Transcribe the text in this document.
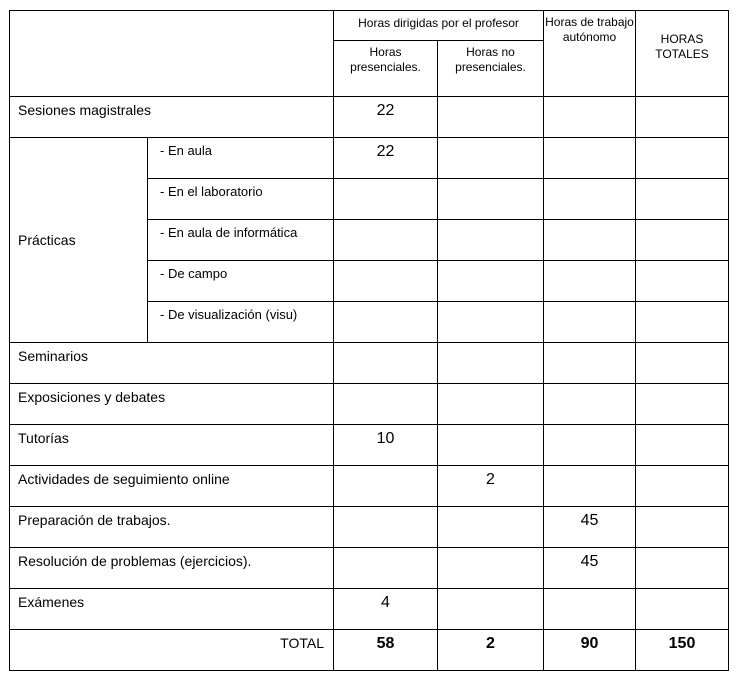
		Horas dirigidas por el profesor		Horas de trabajo autónomo	HORAS TOTALES
		Horas presenciales.	Horas no presenciales.		
Sesiones magistrales		22			
Prácticas	- En aula	22			
	- En el laboratorio				
	- En aula de informática				
	- De campo				
	- De visualización (visu)				
Seminarios					
Exposiciones y debates					
Tutorías		10			
Actividades de seguimiento online			2		
Preparación de trabajos.				45	
Resolución de problemas (ejercicios).				45	
Exámenes		4			
TOTAL		58	2	90	150
